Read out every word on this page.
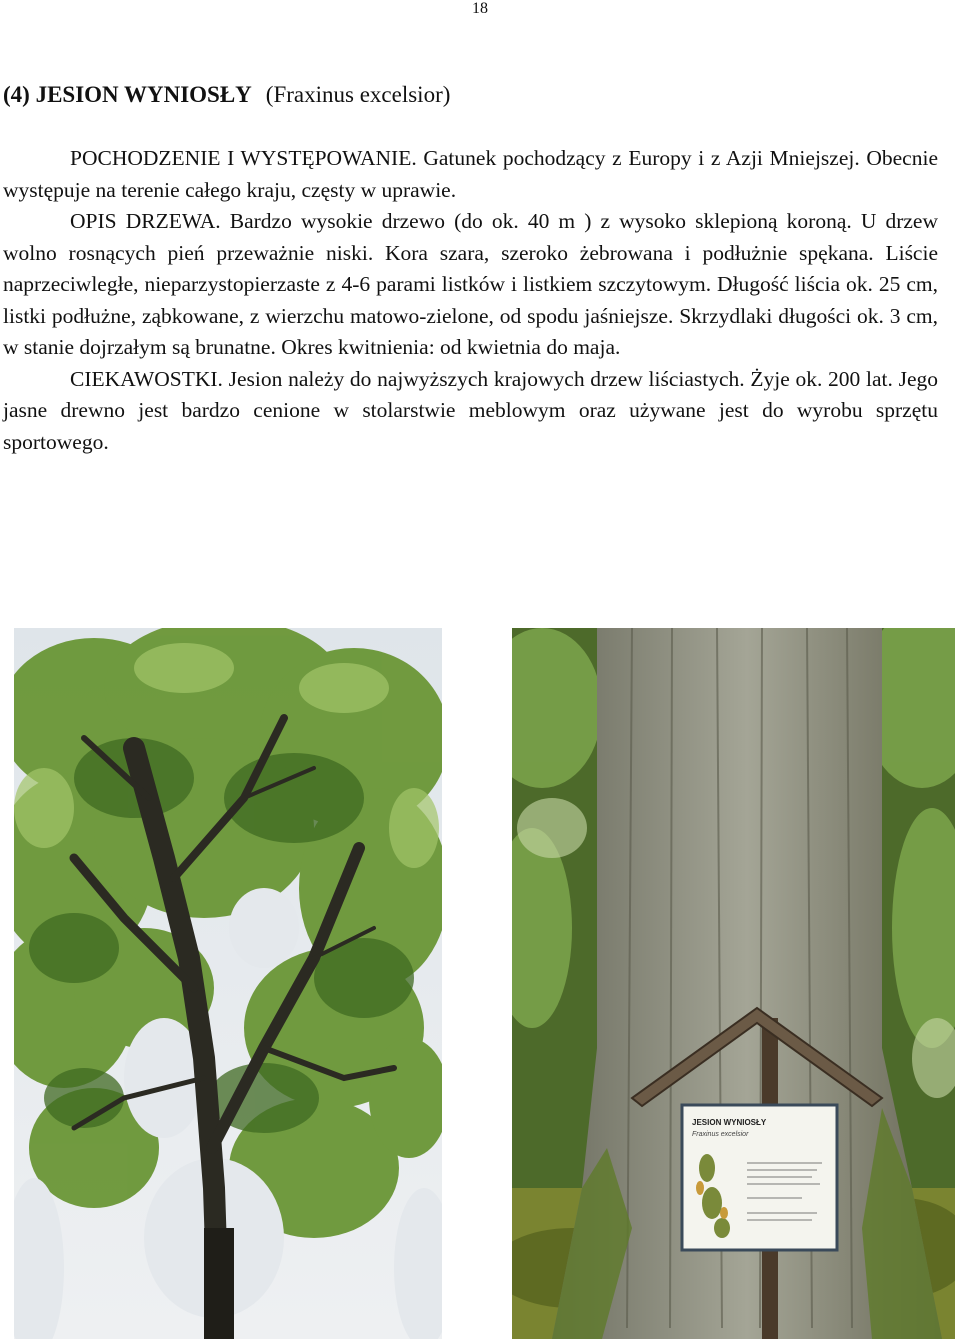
18
(4) JESION WYNIOSŁY (Fraxinus excelsior)

POCHODZENIE I WYSTĘPOWANIE. Gatunek pochodzący z Europy i z Azji Mniejszej. Obecnie występuje na terenie całego kraju, częsty w uprawie.

OPIS DRZEWA. Bardzo wysokie drzewo (do ok. 40 m ) z wysoko sklepioną koroną. U drzew wolno rosnących pień przeważnie niski. Kora szara, szeroko żebrowana i podłużnie spękana. Liście naprzeciwległe, nieparzystopierzaste z 4-6 parami listków i listkiem szczytowym. Długość liścia ok. 25 cm, listki podłużne, ząbkowane, z wierzchu matowo-zielone, od spodu jaśniejsze. Skrzydlaki długości ok. 3 cm, w stanie dojrzałym są brunatne. Okres kwitnienia: od kwietnia do maja.

CIEKAWOSTKI. Jesion należy do najwyższych krajowych drzew liściastych. Żyje ok. 200 lat. Jego jasne drewno jest bardzo cenione w stolarstwie meblowym oraz używane jest do wyrobu sprzętu sportowego.

JESION WYNIOSŁY
Fraxinus excelsior
